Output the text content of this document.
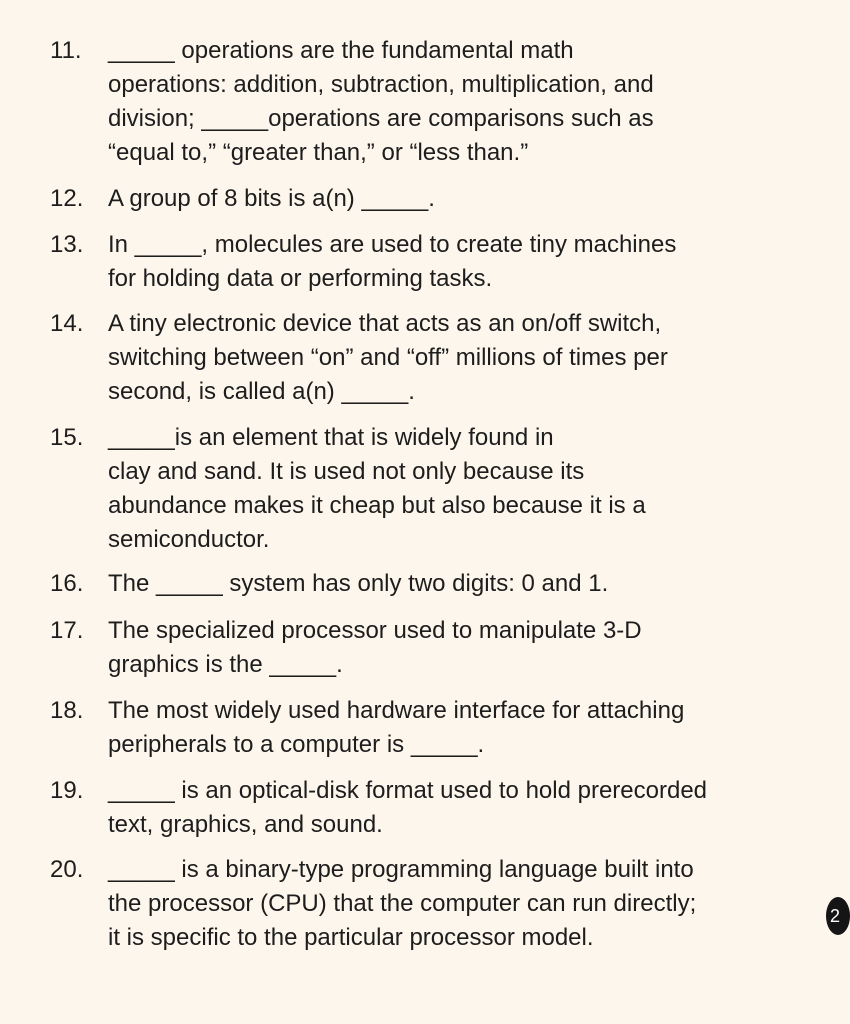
11.	_____ operations are the fundamental math
operations: addition, subtraction, multiplication, and
division; _____operations are comparisons such as
“equal to,” “greater than,” or “less than.”
12.	A group of 8 bits is a(n) _____.
13.	In _____, molecules are used to create tiny machines
for holding data or performing tasks.
14.	A tiny electronic device that acts as an on/off switch,
switching between “on” and “off” millions of times per
second, is called a(n) _____.
15.	_____is an element that is widely found in
clay and sand. It is used not only because its
abundance makes it cheap but also because it is a
semiconductor.
16.	The _____ system has only two digits: 0 and 1.
17.	The specialized processor used to manipulate 3-D
graphics is the _____.
18.	The most widely used hardware interface for attaching
peripherals to a computer is _____.
19.	_____ is an optical-disk format used to hold prerecorded
text, graphics, and sound.
20.	_____ is a binary-type programming language built into
the processor (CPU) that the computer can run directly;
it is specific to the particular processor model.
2
